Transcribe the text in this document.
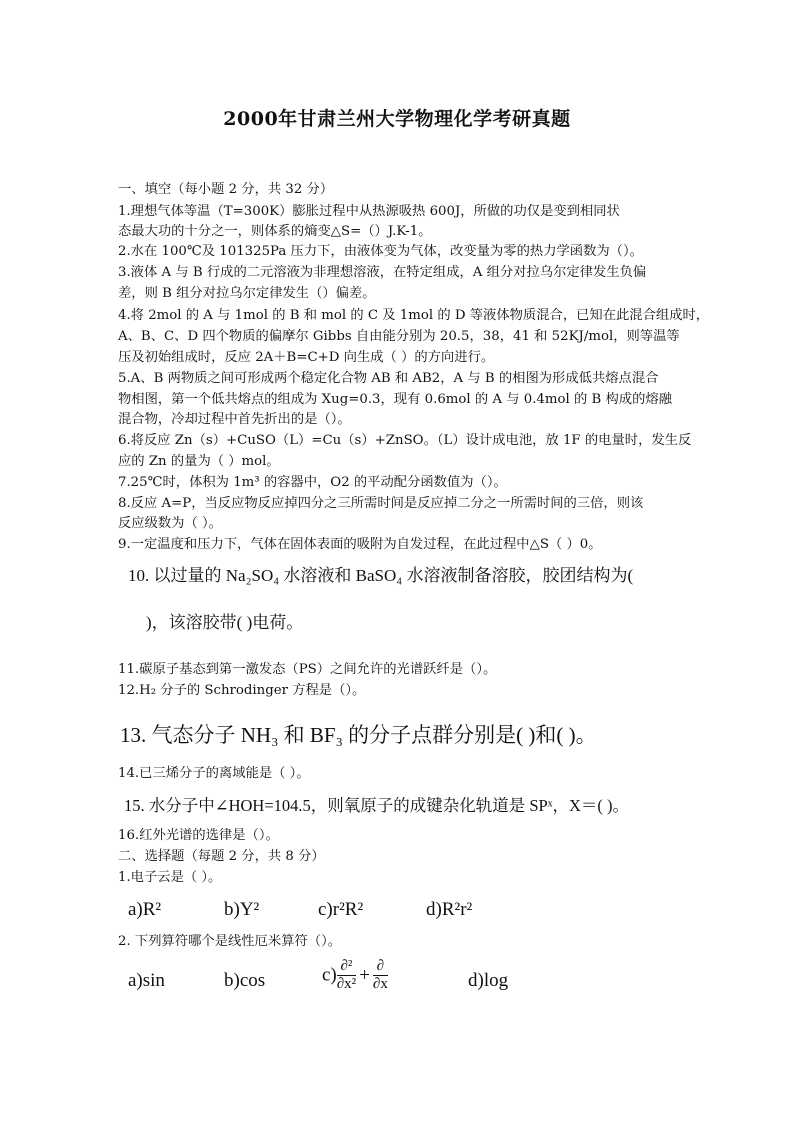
2000年甘肃兰州大学物理化学考研真题
一、填空（每小题 2 分，共 32 分）
1.理想气体等温（T=300K）膨胀过程中从热源吸热 600J，所做的功仅是变到相同状
态最大功的十分之一，则体系的熵变△S=（）J.K-1。
2.水在 100℃及 101325Pa 压力下，由液体变为气体，改变量为零的热力学函数为（）。
3.液体 A 与 B 行成的二元溶液为非理想溶液，在特定组成，A 组分对拉乌尔定律发生负偏
差，则 B 组分对拉乌尔定律发生（）偏差。
4.将 2mol 的 A 与 1mol 的 B 和 mol 的 C 及 1mol 的 D 等液体物质混合，已知在此混合组成时，
A、B、C、D 四个物质的偏摩尔 Gibbs 自由能分别为 20.5，38，41 和 52KJ/mol，则等温等
压及初始组成时，反应 2A＋B=C+D 向生成（ ）的方向进行。
5.A、B 两物质之间可形成两个稳定化合物 AB 和 AB2，A 与 B 的相图为形成低共熔点混合
物相图，第一个低共熔点的组成为 Xug=0.3，现有 0.6mol 的 A 与 0.4mol 的 B 构成的熔融
混合物，冷却过程中首先折出的是（）。
6.将反应 Zn（s）+CuSO（L）=Cu（s）+ZnSO。（L）设计成电池，放 1F 的电量时，发生反
应的 Zn 的量为（ ）mol。
7.25℃时，体积为 1m³ 的容器中，O2 的平动配分函数值为（）。
8.反应 A=P，当反应物反应掉四分之三所需时间是反应掉二分之一所需时间的三倍，则该
反应级数为（ ）。
9.一定温度和压力下，气体在固体表面的吸附为自发过程，在此过程中△S（ ）0。
10. 以过量的 Na₂SO₄ 水溶液和 BaSO₄ 水溶液制备溶胶，胶团结构为(
)，该溶胶带( )电荷。
11.碳原子基态到第一激发态（PS）之间允许的光谱跃纤是（）。
12.H₂ 分子的 Schrodinger 方程是（）。
13. 气态分子 NH₃ 和 BF₃ 的分子点群分别是( )和( )。
14.已三烯分子的离域能是（ ）。
15. 水分子中∠HOH=104.5，则氧原子的成键杂化轨道是 SPˣ，X＝( )。
16.红外光谱的选律是（）。
二、选择题（每题 2 分，共 8 分）
1.电子云是（ ）。
a)R²	b)Y²	c)r²R²	d)R²r²
2. 下列算符哪个是线性厄米算符（）。
a)sin	b)cos	$c) \frac{\text{∂²}}{\text{∂x²}} + \frac{\partial}{\partial x}$	d)log
